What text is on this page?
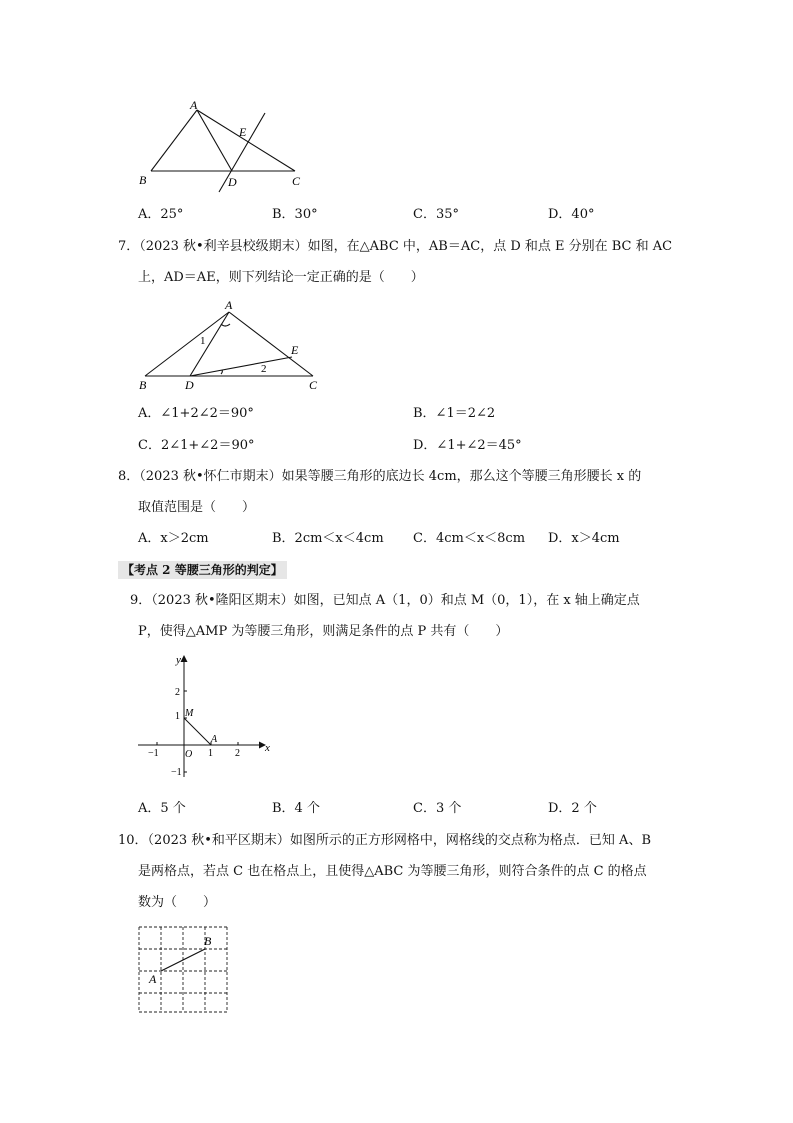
A
E
B	D	C
A．25°	B．30°	C．35°	D．40°
7．（2023 秋•利辛县校级期末）如图，在△ABC 中，AB＝AC，点 D 和点 E 分别在 BC 和 AC
上，AD＝AE，则下列结论一定正确的是（　　）
A
E
B	D	C
1
2
A．∠1+2∠2＝90°	B．∠1＝2∠2
C．2∠1+∠2＝90°	D．∠1+∠2＝45°
8．（2023 秋•怀仁市期末）如果等腰三角形的底边长 4cm，那么这个等腰三角形腰长 x 的
取值范围是（　　）
A．x＞2cm	B．2cm＜x＜4cm C．4cm＜x＜8cm D．x＞4cm
【考点 2 等腰三角形的判定】
9．（2023 秋•隆阳区期末）如图，已知点 A（1，0）和点 M（0，1），在 x 轴上确定点
P，使得△AMP 为等腰三角形，则满足条件的点 P 共有（　　）
y
x
2
1 M
−1	O 1
A
2
−1
A．5 个	B．4 个	C．3 个	D．2 个
10．（2023 秋•和平区期末）如图所示的正方形网格中，网格线的交点称为格点．已知 A、B
是两格点，若点 C 也在格点上，且使得△ABC 为等腰三角形，则符合条件的点 C 的格点
数为（　　）
B
A
